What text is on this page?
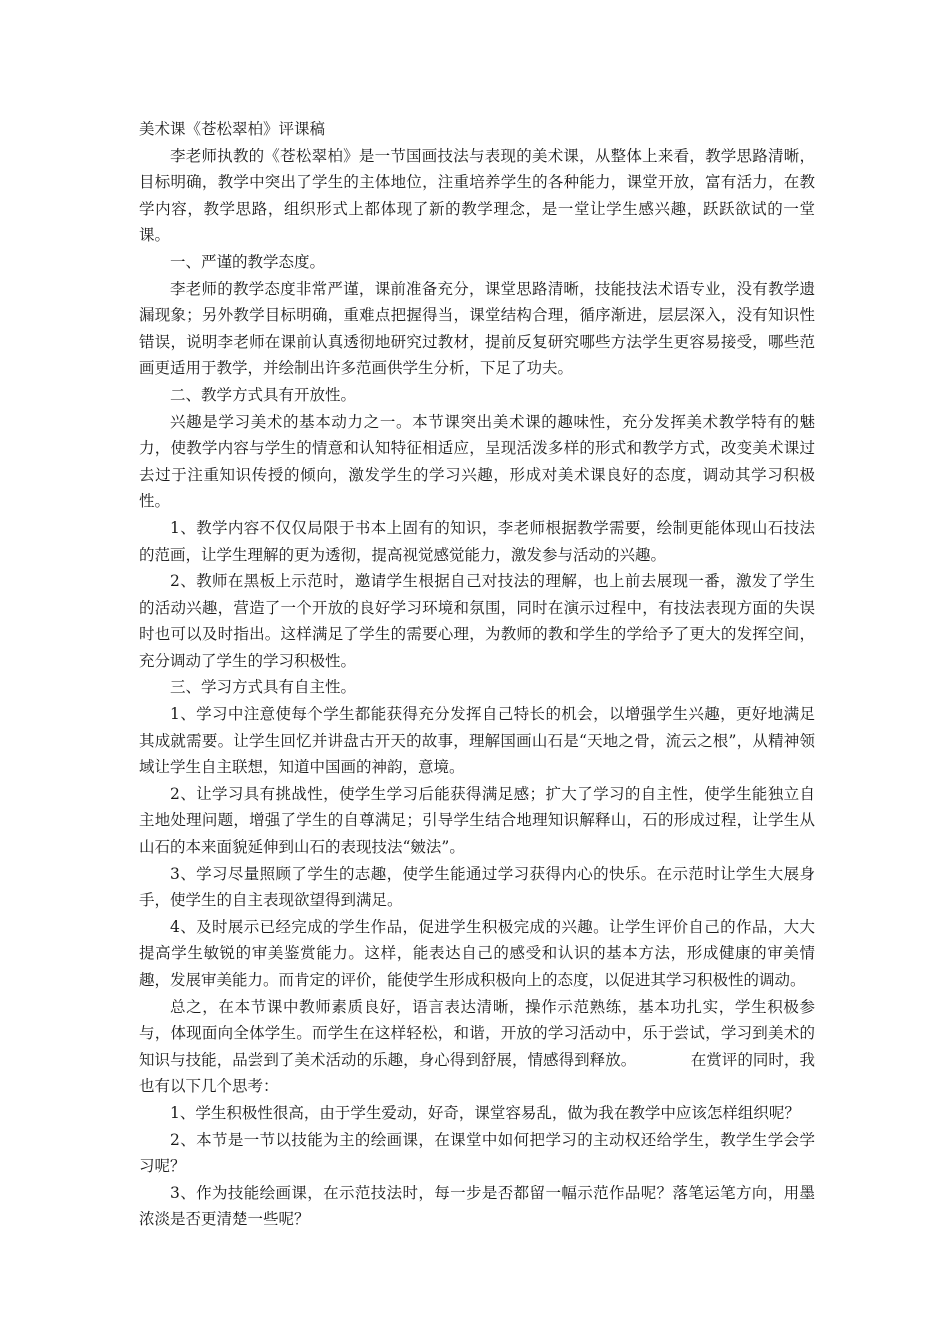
美术课《苍松翠柏》评课稿

李老师执教的《苍松翠柏》是一节国画技法与表现的美术课，从整体上来看，教学思路清晰，目标明确，教学中突出了学生的主体地位，注重培养学生的各种能力，课堂开放，富有活力，在教学内容，教学思路，组织形式上都体现了新的教学理念，是一堂让学生感兴趣，跃跃欲试的一堂课。

一、严谨的教学态度。

李老师的教学态度非常严谨，课前准备充分，课堂思路清晰，技能技法术语专业，没有教学遗漏现象；另外教学目标明确，重难点把握得当，课堂结构合理，循序渐进，层层深入，没有知识性错误，说明李老师在课前认真透彻地研究过教材，提前反复研究哪些方法学生更容易接受，哪些范画更适用于教学，并绘制出许多范画供学生分析，下足了功夫。

二、教学方式具有开放性。

兴趣是学习美术的基本动力之一。本节课突出美术课的趣味性，充分发挥美术教学特有的魅力，使教学内容与学生的情意和认知特征相适应，呈现活泼多样的形式和教学方式，改变美术课过去过于注重知识传授的倾向，激发学生的学习兴趣，形成对美术课良好的态度，调动其学习积极性。

1、教学内容不仅仅局限于书本上固有的知识，李老师根据教学需要，绘制更能体现山石技法的范画，让学生理解的更为透彻，提高视觉感觉能力，激发参与活动的兴趣。

2、教师在黑板上示范时，邀请学生根据自己对技法的理解，也上前去展现一番，激发了学生的活动兴趣，营造了一个开放的良好学习环境和氛围，同时在演示过程中，有技法表现方面的失误时也可以及时指出。这样满足了学生的需要心理，为教师的教和学生的学给予了更大的发挥空间，充分调动了学生的学习积极性。

三、学习方式具有自主性。

1、学习中注意使每个学生都能获得充分发挥自己特长的机会，以增强学生兴趣，更好地满足其成就需要。让学生回忆并讲盘古开天的故事，理解国画山石是“天地之骨，流云之根”，从精神领域让学生自主联想，知道中国画的神韵，意境。

2、让学习具有挑战性，使学生学习后能获得满足感；扩大了学习的自主性，使学生能独立自主地处理问题，增强了学生的自尊满足；引导学生结合地理知识解释山，石的形成过程，让学生从山石的本来面貌延伸到山石的表现技法“皴法”。

3、学习尽量照顾了学生的志趣，使学生能通过学习获得内心的快乐。在示范时让学生大展身手，使学生的自主表现欲望得到满足。

4、及时展示已经完成的学生作品，促进学生积极完成的兴趣。让学生评价自己的作品，大大提高学生敏锐的审美鉴赏能力。这样，能表达自己的感受和认识的基本方法，形成健康的审美情趣，发展审美能力。而肯定的评价，能使学生形成积极向上的态度，以促进其学习积极性的调动。

总之，在本节课中教师素质良好，语言表达清晰，操作示范熟练，基本功扎实，学生积极参与，体现面向全体学生。而学生在这样轻松，和谐，开放的学习活动中，乐于尝试，学习到美术的知识与技能，品尝到了美术活动的乐趣，身心得到舒展，情感得到释放。　　　　在赏评的同时，我也有以下几个思考：

1、学生积极性很高，由于学生爱动，好奇，课堂容易乱，做为我在教学中应该怎样组织呢？

2、本节是一节以技能为主的绘画课，在课堂中如何把学习的主动权还给学生，教学生学会学习呢？

3、作为技能绘画课，在示范技法时，每一步是否都留一幅示范作品呢？落笔运笔方向，用墨浓淡是否更清楚一些呢？
